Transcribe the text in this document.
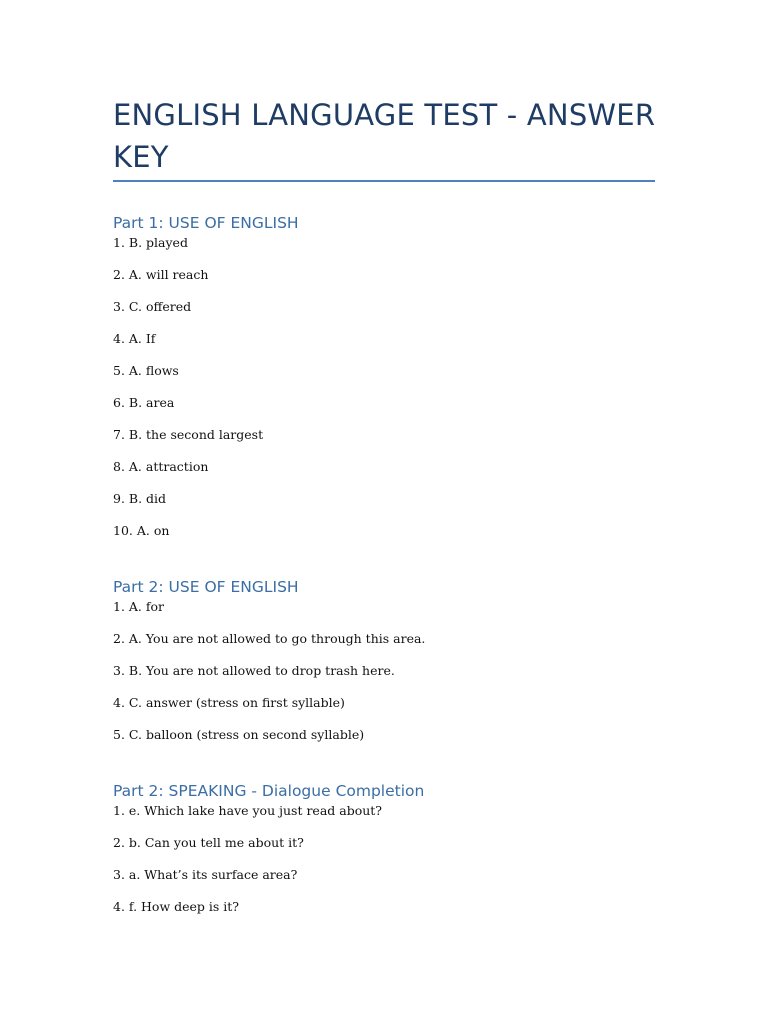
ENGLISH LANGUAGE TEST - ANSWER KEY
Part 1: USE OF ENGLISH
1. B. played
2. A. will reach
3. C. offered
4. A. If
5. A. flows
6. B. area
7. B. the second largest
8. A. attraction
9. B. did
10. A. on
Part 2: USE OF ENGLISH
1. A. for
2. A. You are not allowed to go through this area.
3. B. You are not allowed to drop trash here.
4. C. answer (stress on first syllable)
5. C. balloon (stress on second syllable)
Part 2: SPEAKING - Dialogue Completion
1. e. Which lake have you just read about?
2. b. Can you tell me about it?
3. a. What’s its surface area?
4. f. How deep is it?
